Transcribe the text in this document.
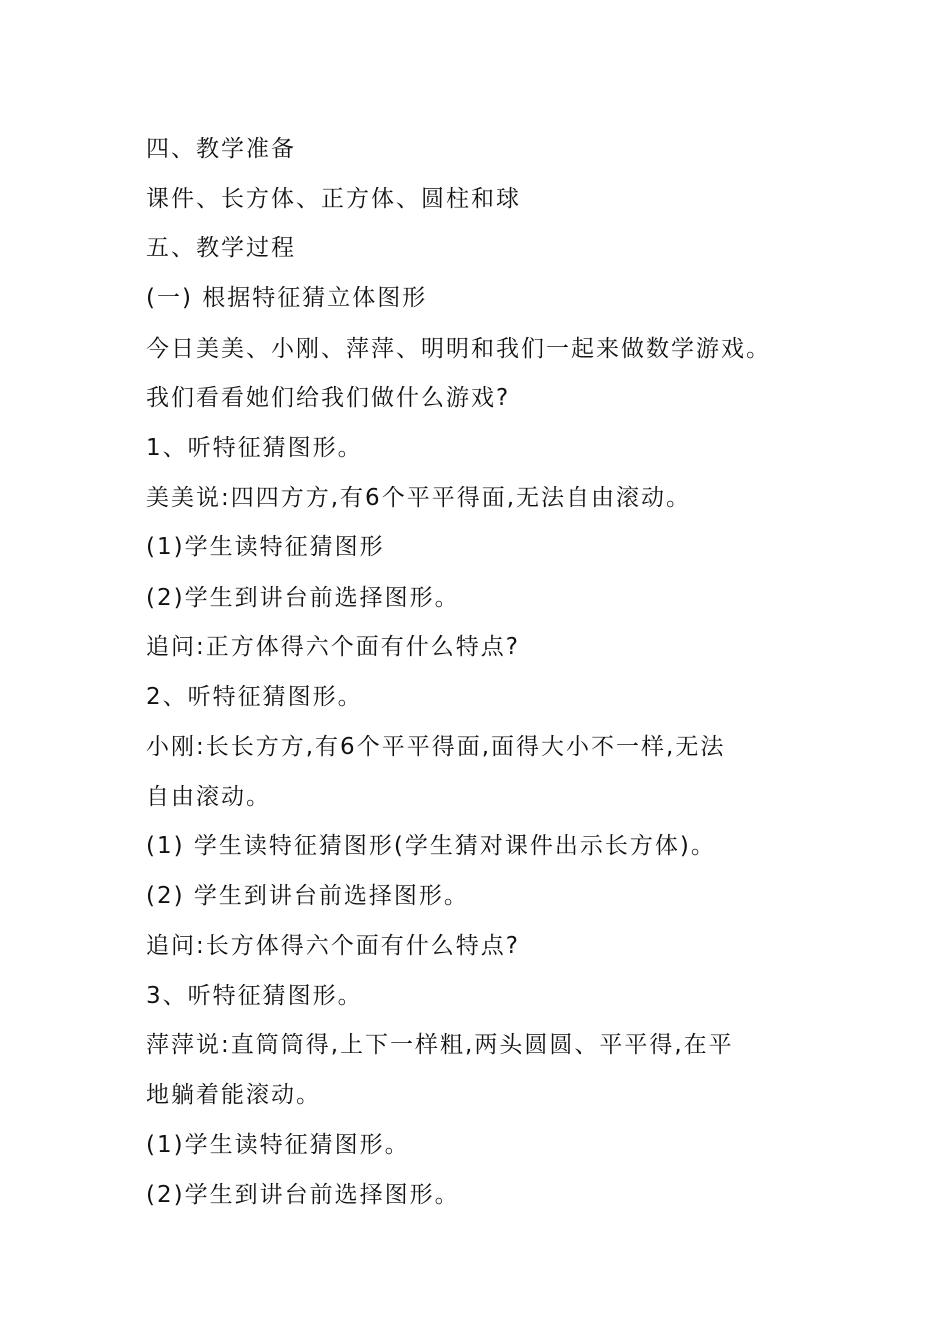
四、教学准备
课件、长方体、正方体、圆柱和球
五、教学过程
(一) 根据特征猜立体图形
今日美美、小刚、萍萍、明明和我们一起来做数学游戏。
我们看看她们给我们做什么游戏?
1、听特征猜图形。
美美说:四四方方,有6个平平得面,无法自由滚动。
(1)学生读特征猜图形
(2)学生到讲台前选择图形。
追问:正方体得六个面有什么特点?
2、听特征猜图形。
小刚:长长方方,有6个平平得面,面得大小不一样,无法
自由滚动。
(1) 学生读特征猜图形(学生猜对课件出示长方体)。
(2) 学生到讲台前选择图形。
追问:长方体得六个面有什么特点?
3、听特征猜图形。
萍萍说:直筒筒得,上下一样粗,两头圆圆、平平得,在平
地躺着能滚动。
(1)学生读特征猜图形。
(2)学生到讲台前选择图形。
